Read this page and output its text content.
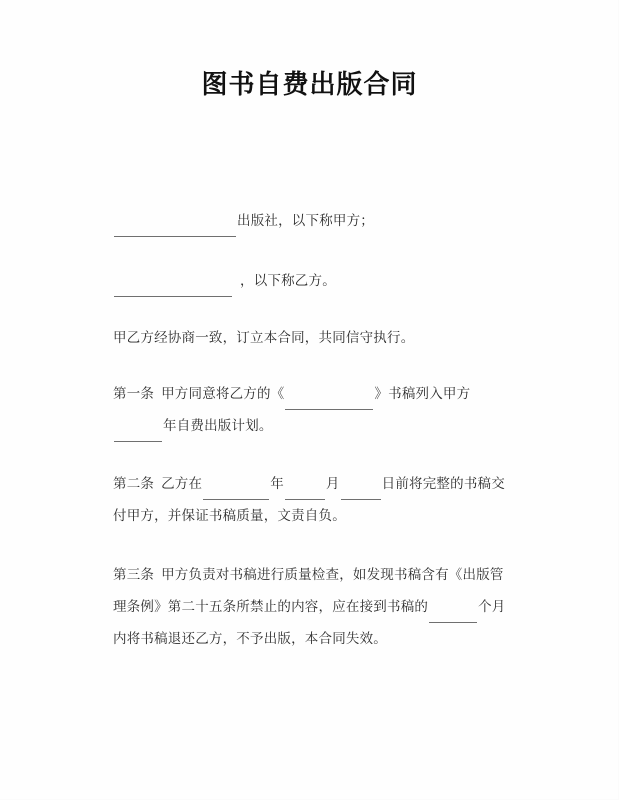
图书自费出版合同
出版社，以下称甲方；
，以下称乙方。
甲乙方经协商一致，订立本合同，共同信守执行。
第一条 甲方同意将乙方的《	》书稿列入甲方年自费出版计划。
第二条 乙方在	年	月	日前将完整的书稿交付甲方，并保证书稿质量，文责自负。
第三条 甲方负责对书稿进行质量检查，如发现书稿含有《出版管理条例》第二十五条所禁止的内容，应在接到书稿的	个月内将书稿退还乙方，不予出版，本合同失效。
